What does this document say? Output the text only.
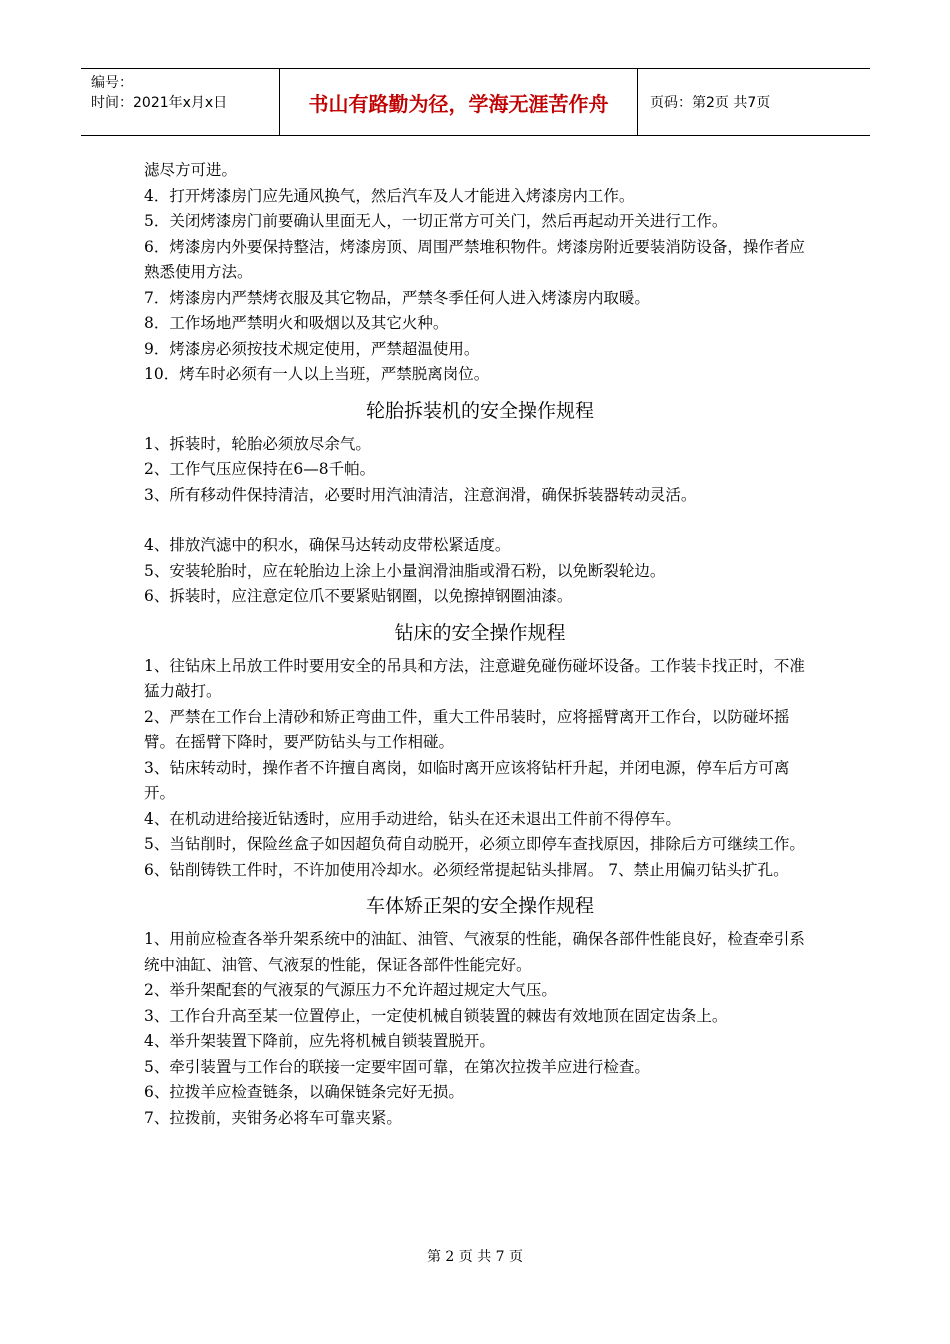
编号：
时间：2021年x月x日	书山有路勤为径，学海无涯苦作舟	页码：第2页 共7页

滤尽方可进。

4．打开烤漆房门应先通风换气，然后汽车及人才能进入烤漆房内工作。

5．关闭烤漆房门前要确认里面无人，一切正常方可关门，然后再起动开关进行工作。

6．烤漆房内外要保持整洁，烤漆房顶、周围严禁堆积物件。烤漆房附近要装消防设备，操作者应熟悉使用方法。

7．烤漆房内严禁烤衣服及其它物品，严禁冬季任何人进入烤漆房内取暖。

8．工作场地严禁明火和吸烟以及其它火种。

9．烤漆房必须按技术规定使用，严禁超温使用。

10．烤车时必须有一人以上当班，严禁脱离岗位。

轮胎拆装机的安全操作规程

1、拆装时，轮胎必须放尽余气。

2、工作气压应保持在6—8千帕。

3、所有移动件保持清洁，必要时用汽油清洁，注意润滑，确保拆装器转动灵活。

4、排放汽滤中的积水，确保马达转动皮带松紧适度。

5、安装轮胎时，应在轮胎边上涂上小量润滑油脂或滑石粉，以免断裂轮边。

6、拆装时，应注意定位爪不要紧贴钢圈，以免擦掉钢圈油漆。

钻床的安全操作规程

1、往钻床上吊放工件时要用安全的吊具和方法，注意避免碰伤碰坏设备。工作装卡找正时，不准猛力敲打。

2、严禁在工作台上清砂和矫正弯曲工件，重大工件吊装时，应将摇臂离开工作台，以防碰坏摇臂。在摇臂下降时，要严防钻头与工作相碰。

3、钻床转动时，操作者不许擅自离岗，如临时离开应该将钻杆升起，并闭电源，停车后方可离开。

4、在机动进给接近钻透时，应用手动进给，钻头在还未退出工件前不得停车。

5、当钻削时，保险丝盒子如因超负荷自动脱开，必须立即停车查找原因，排除后方可继续工作。

6、钻削铸铁工件时，不许加使用冷却水。必须经常提起钻头排屑。 7、禁止用偏刃钻头扩孔。

车体矫正架的安全操作规程

1、用前应检查各举升架系统中的油缸、油管、气液泵的性能，确保各部件性能良好，检查牵引系统中油缸、油管、气液泵的性能，保证各部件性能完好。

2、举升架配套的气液泵的气源压力不允许超过规定大气压。

3、工作台升高至某一位置停止，一定使机械自锁装置的棘齿有效地顶在固定齿条上。

4、举升架装置下降前，应先将机械自锁装置脱开。

5、牵引装置与工作台的联接一定要牢固可靠，在第次拉拨羊应进行检查。

6、拉拨羊应检查链条，以确保链条完好无损。

7、拉拨前，夹钳务必将车可靠夹紧。

第 2 页 共 7 页
